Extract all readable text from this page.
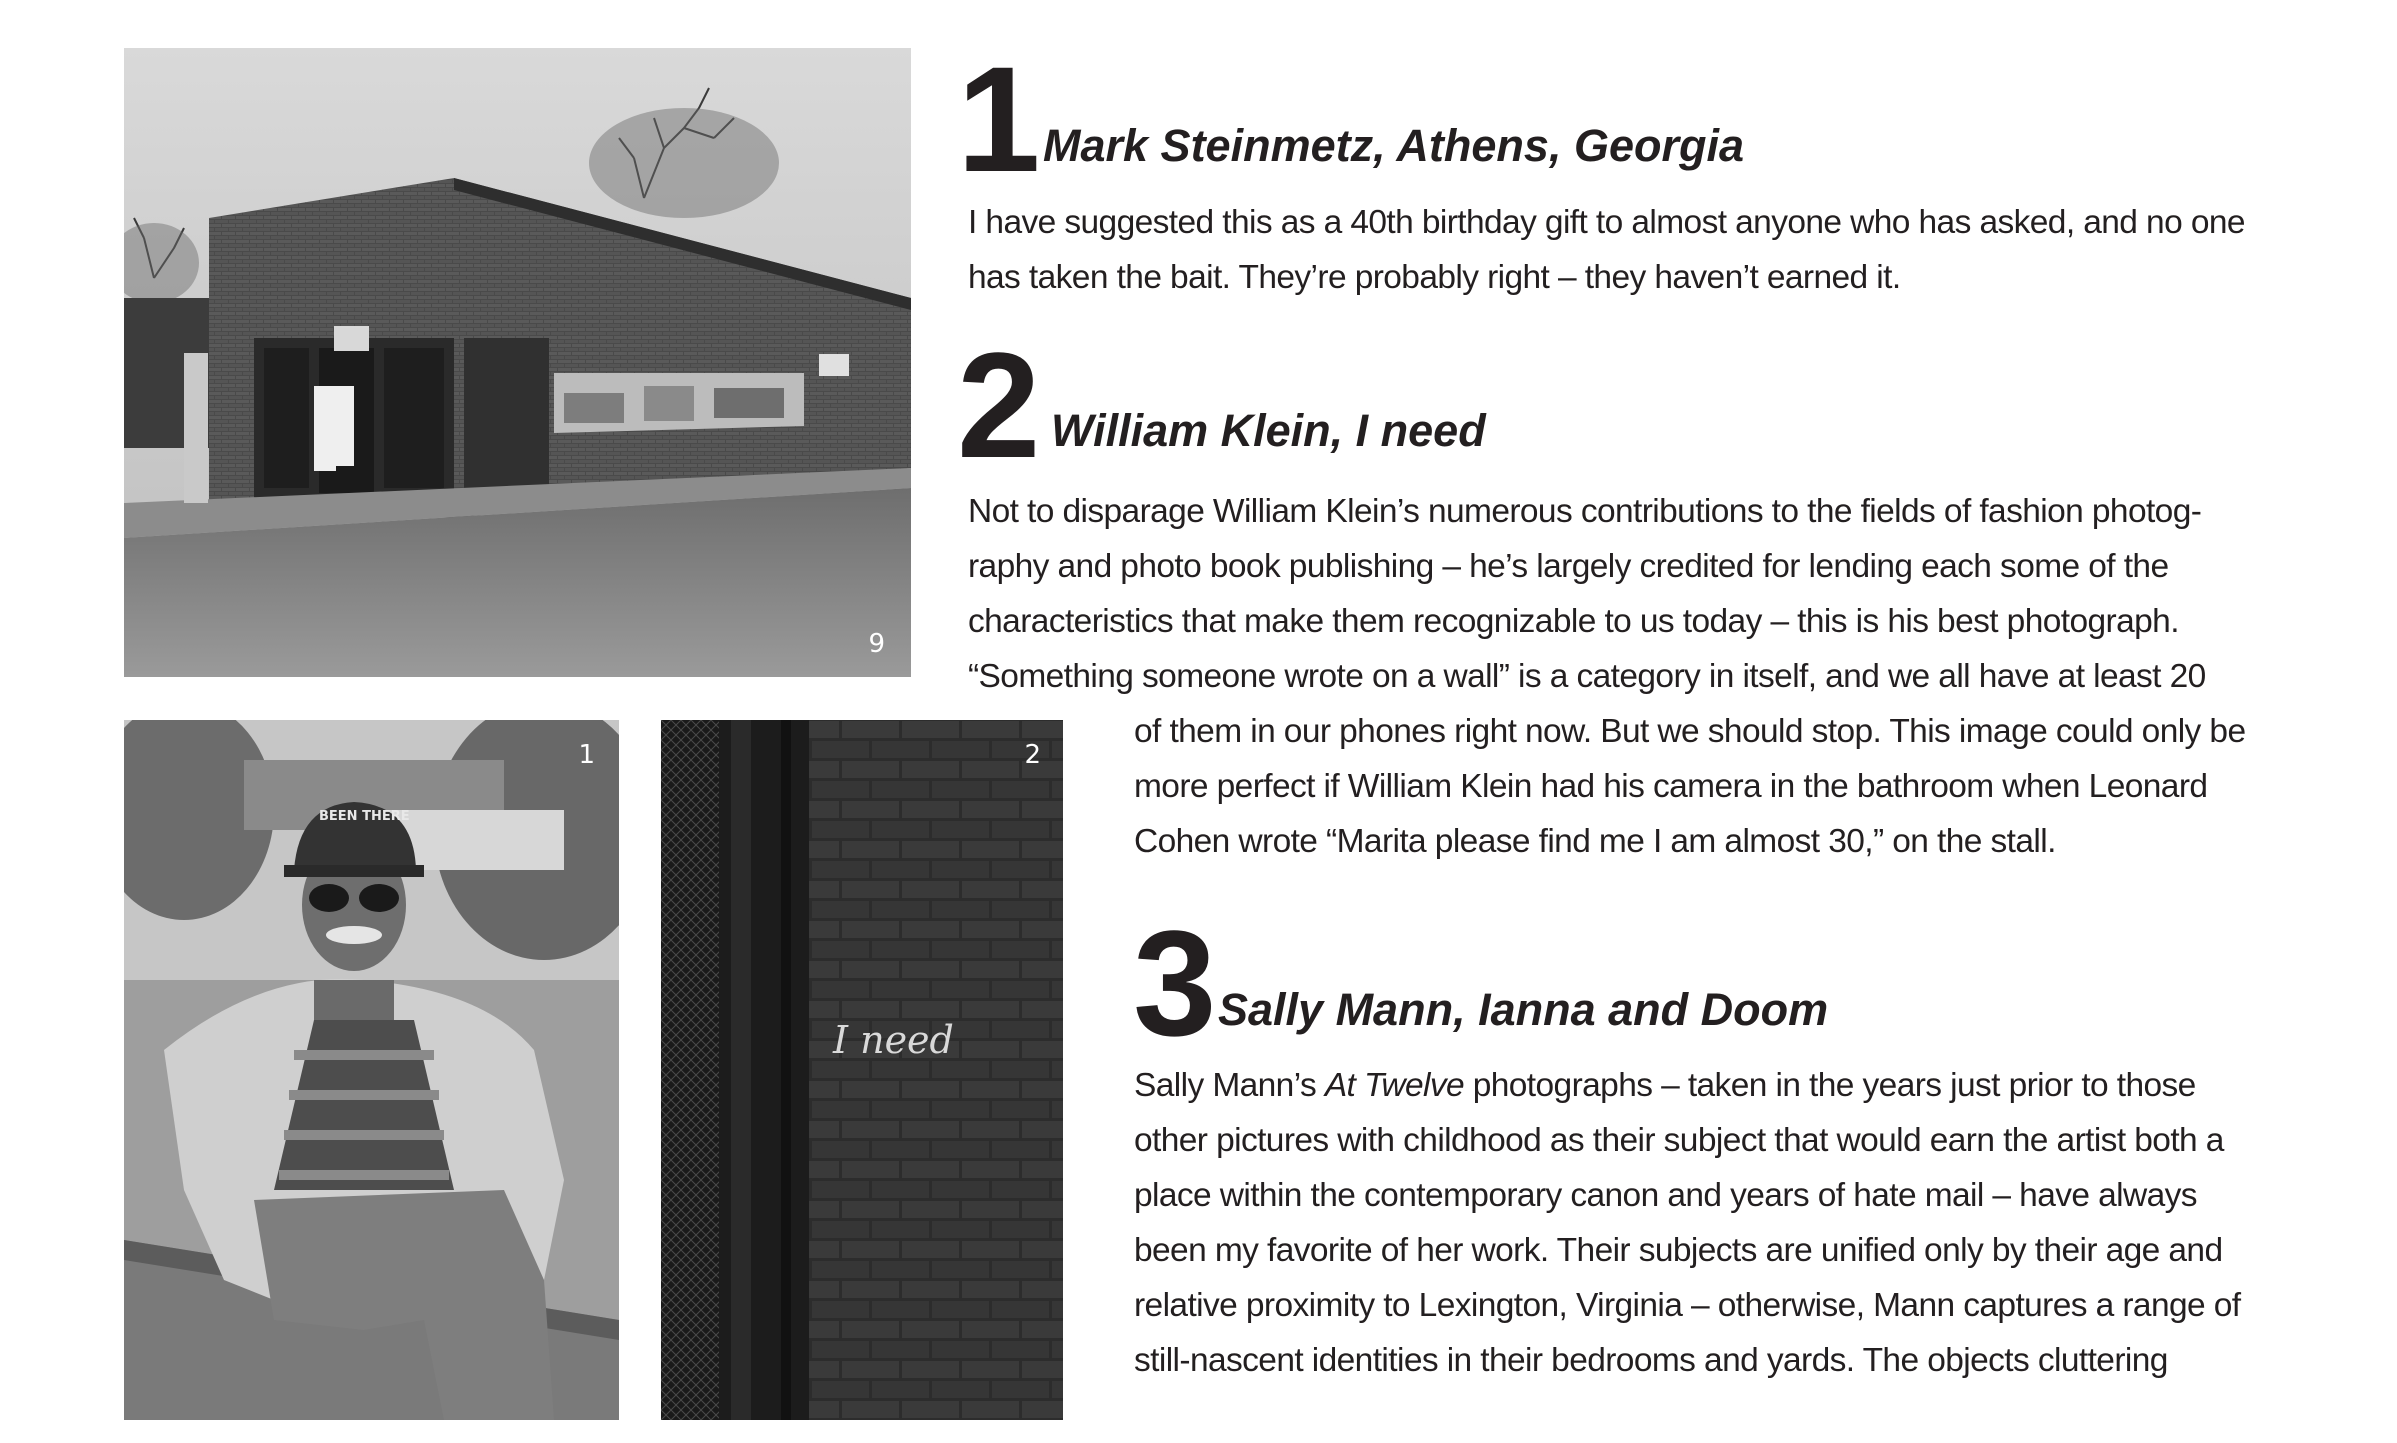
9
BEEN THERE
1
I need
2
1 Mark Steinmetz, Athens, Georgia

I have suggested this as a 40th birthday gift to almost anyone who has asked, and no one

has taken the bait. They’re probably right – they haven’t earned it.

2 William Klein, I need

Not to disparage William Klein’s numerous contributions to the fields of fashion photog-

raphy and photo book publishing – he’s largely credited for lending each some of the

characteristics that make them recognizable to us today – this is his best photograph.

“Something someone wrote on a wall” is a category in itself, and we all have at least 20

of them in our phones right now. But we should stop. This image could only be

more perfect if William Klein had his camera in the bathroom when Leonard

Cohen wrote “Marita please find me I am almost 30,” on the stall.

3 Sally Mann, Ianna and Doom

Sally Mann’s At Twelve photographs – taken in the years just prior to those

other pictures with childhood as their subject that would earn the artist both a

place within the contemporary canon and years of hate mail – have always

been my favorite of her work. Their subjects are unified only by their age and

relative proximity to Lexington, Virginia – otherwise, Mann captures a range of

still-nascent identities in their bedrooms and yards. The objects cluttering
